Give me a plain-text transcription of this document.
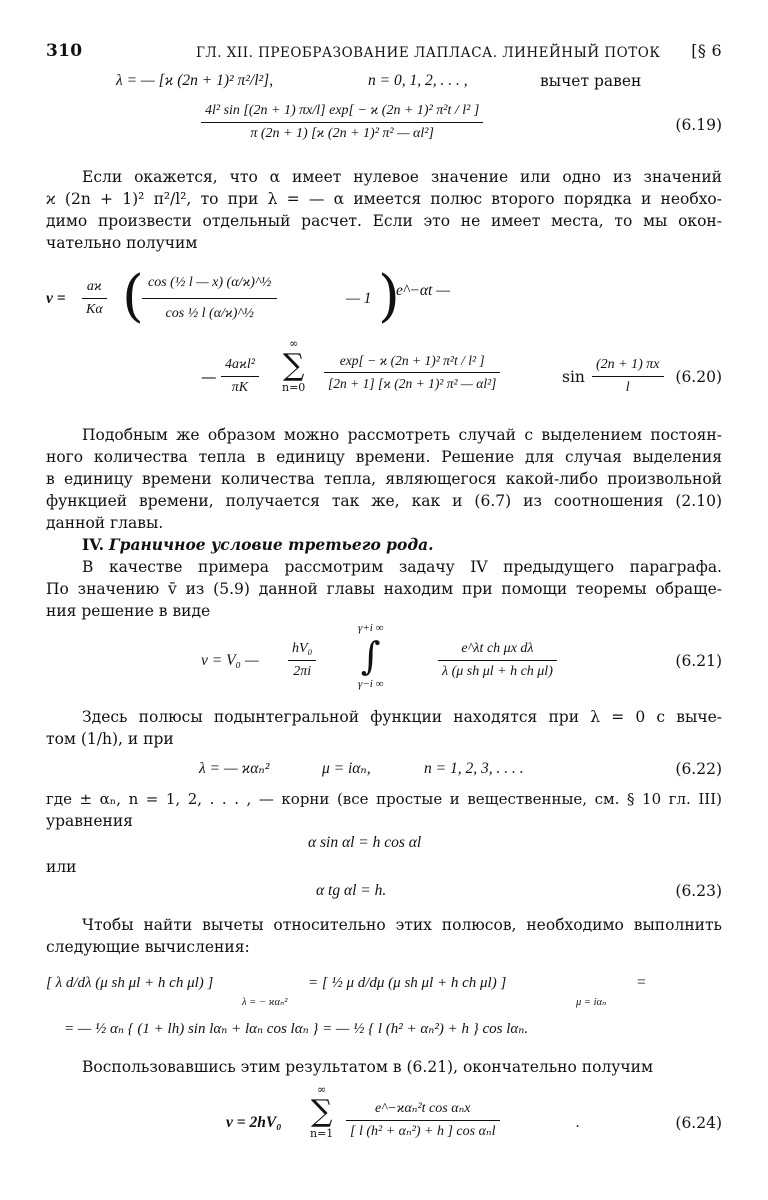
310	ГЛ. XII. ПРЕОБРАЗОВАНИЕ ЛАПЛАСА. ЛИНЕЙНЫЙ ПОТОК [§ 6
λ = — [ϰ (2n + 1)² π²/l²],	n = 0, 1, 2, . . . ,	вычет равен
$\frac{\text{4l² sin [(2n + 1) πx/l] exp[ − ϰ (2n + 1)² π²t / l² ]}}{\text{π (2n + 1) [ϰ (2n + 1)² π² — αl²]}}$	(6.19)
Если окажется, что α имеет нулевое значение или одно из значений
ϰ (2n + 1)² π²/l², то при λ = — α имеется полюс второго порядка и необхо-
димо произвести отдельный расчет. Если это не имеет места, то мы окон-
чательно получим
$v = \frac{aϰ}{K\alpha}$ (
$\frac{\text{cos (½ l — x) (α/ϰ)\textasciicircum{}½}}{\text{cos ½ l (α/ϰ)\textasciicircum{}½}}$	— 1 )
e^−αt —
—
4aϰl²
πK
∞
∑
$n=0 \frac{\text{exp[ − ϰ (2n + 1)² π²t / l² ]}}{\text{[2n + 1] [ϰ (2n + 1)² π² — αl²]}}$	$\sin \frac{(2n + 1) \pi x}{l} (6.20)$
Подобным же образом можно рассмотреть случай с выделением постоян-
ного количества тепла в единицу времени. Решение для случая выделения
в единицу времени количества тепла, являющегося какой-либо произвольной
функцией времени, получается так же, как и (6.7) из соотношения (2.10)
данной главы.
IV. Граничное условие третьего рода.
В качестве примера рассмотрим задачу IV предыдущего параграфа.
По значению v̄ из (5.9) данной главы находим при помощи теоремы обраще-
ния решение в виде
v = V₀ — $\frac{\text{hV₀}}{2\pi i}$
γ+i ∞
∫
γ−i ∞
$\frac{\text{e\textasciicircum{}λt ch μx dλ}}{\text{λ (μ sh μl + h ch μl)}}$	(6.21)
Здесь полюсы подынтегральной функции находятся при λ = 0 с выче-
том (1/h), и при
λ = — ϰαₙ²	μ = iαₙ,	n = 1, 2, 3, . . . .	(6.22)
где ± αₙ, n = 1, 2, . . . , — корни (все простые и вещественные, см. § 10 гл. III)
уравнения
α sin αl = h cos αl
или
α tg αl = h.	(6.23)
Чтобы найти вычеты относительно этих полюсов, необходимо выполнить
следующие вычисления:
[ λ d/dλ (μ sh μl + h ch μl) ]
λ = − ϰαₙ²
= [ ½ μ d/dμ (μ sh μl + h ch μl) ]
μ = iαₙ
=
= — ½ αₙ { (1 + lh) sin lαₙ + lαₙ cos lαₙ } = — ½ { l (h² + αₙ²) + h } cos lαₙ.
Воспользовавшись этим результатом в (6.21), окончательно получим
v = 2hV₀
∞
∑
n=1
e^−ϰαₙ²t cos αₙx
[ l (h² + αₙ²) + h ] cos αₙl
.	(6.24)
